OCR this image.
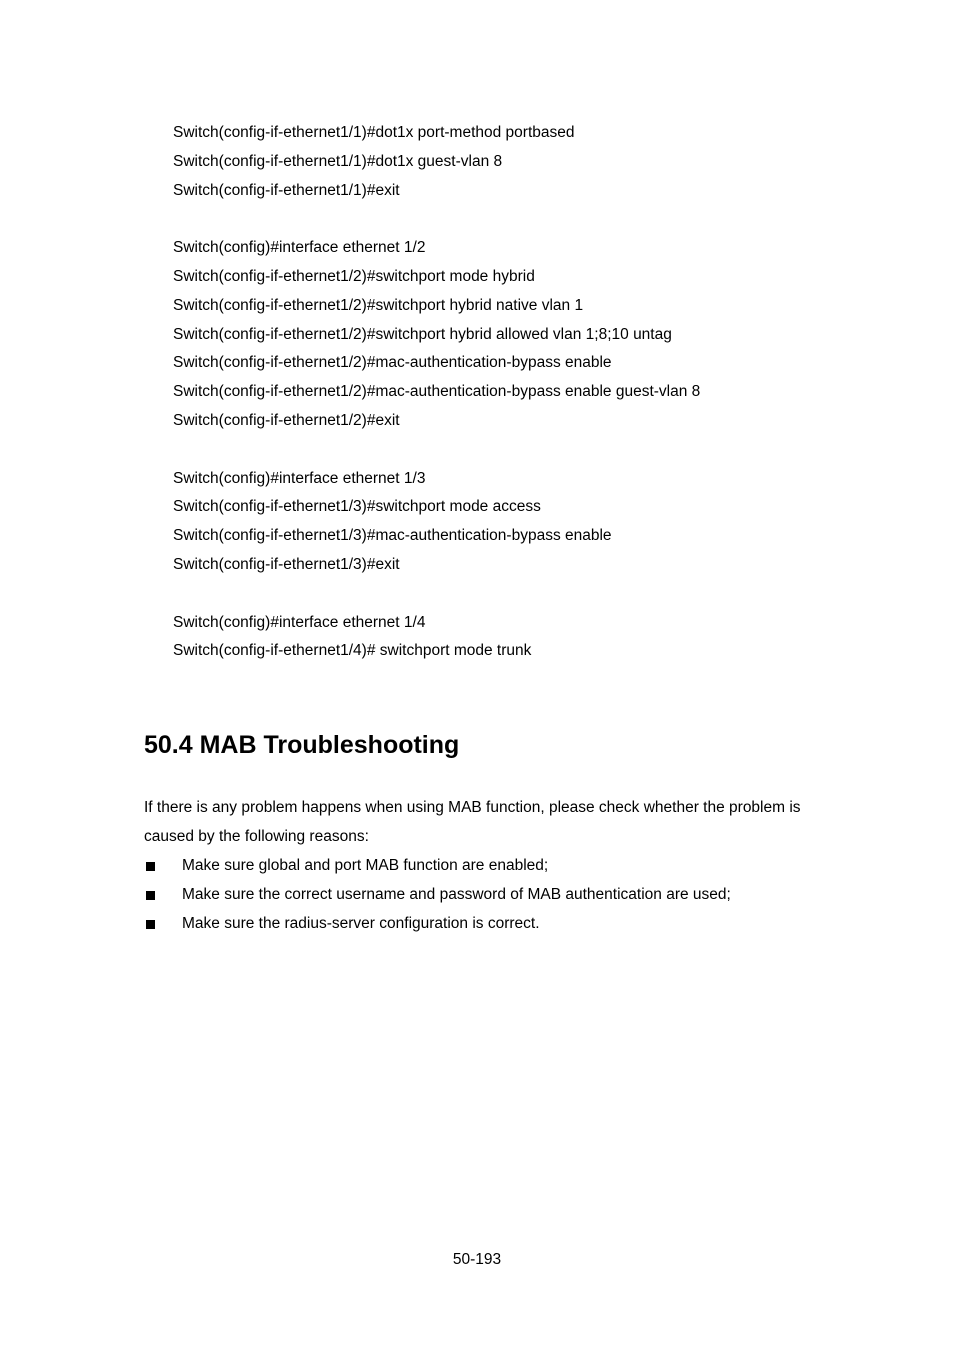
Switch(config-if-ethernet1/1)#dot1x port-method portbased
Switch(config-if-ethernet1/1)#dot1x guest-vlan 8
Switch(config-if-ethernet1/1)#exit
Switch(config)#interface ethernet 1/2
Switch(config-if-ethernet1/2)#switchport mode hybrid
Switch(config-if-ethernet1/2)#switchport hybrid native vlan 1
Switch(config-if-ethernet1/2)#switchport hybrid allowed vlan 1;8;10 untag
Switch(config-if-ethernet1/2)#mac-authentication-bypass enable
Switch(config-if-ethernet1/2)#mac-authentication-bypass enable guest-vlan 8
Switch(config-if-ethernet1/2)#exit
Switch(config)#interface ethernet 1/3
Switch(config-if-ethernet1/3)#switchport mode access
Switch(config-if-ethernet1/3)#mac-authentication-bypass enable
Switch(config-if-ethernet1/3)#exit
Switch(config)#interface ethernet 1/4
Switch(config-if-ethernet1/4)# switchport mode trunk
50.4 MAB Troubleshooting

If there is any problem happens when using MAB function, please check whether the problem is caused by the following reasons:

Make sure global and port MAB function are enabled;
Make sure the correct username and password of MAB authentication are used;
Make sure the radius-server configuration is correct.
50-193
